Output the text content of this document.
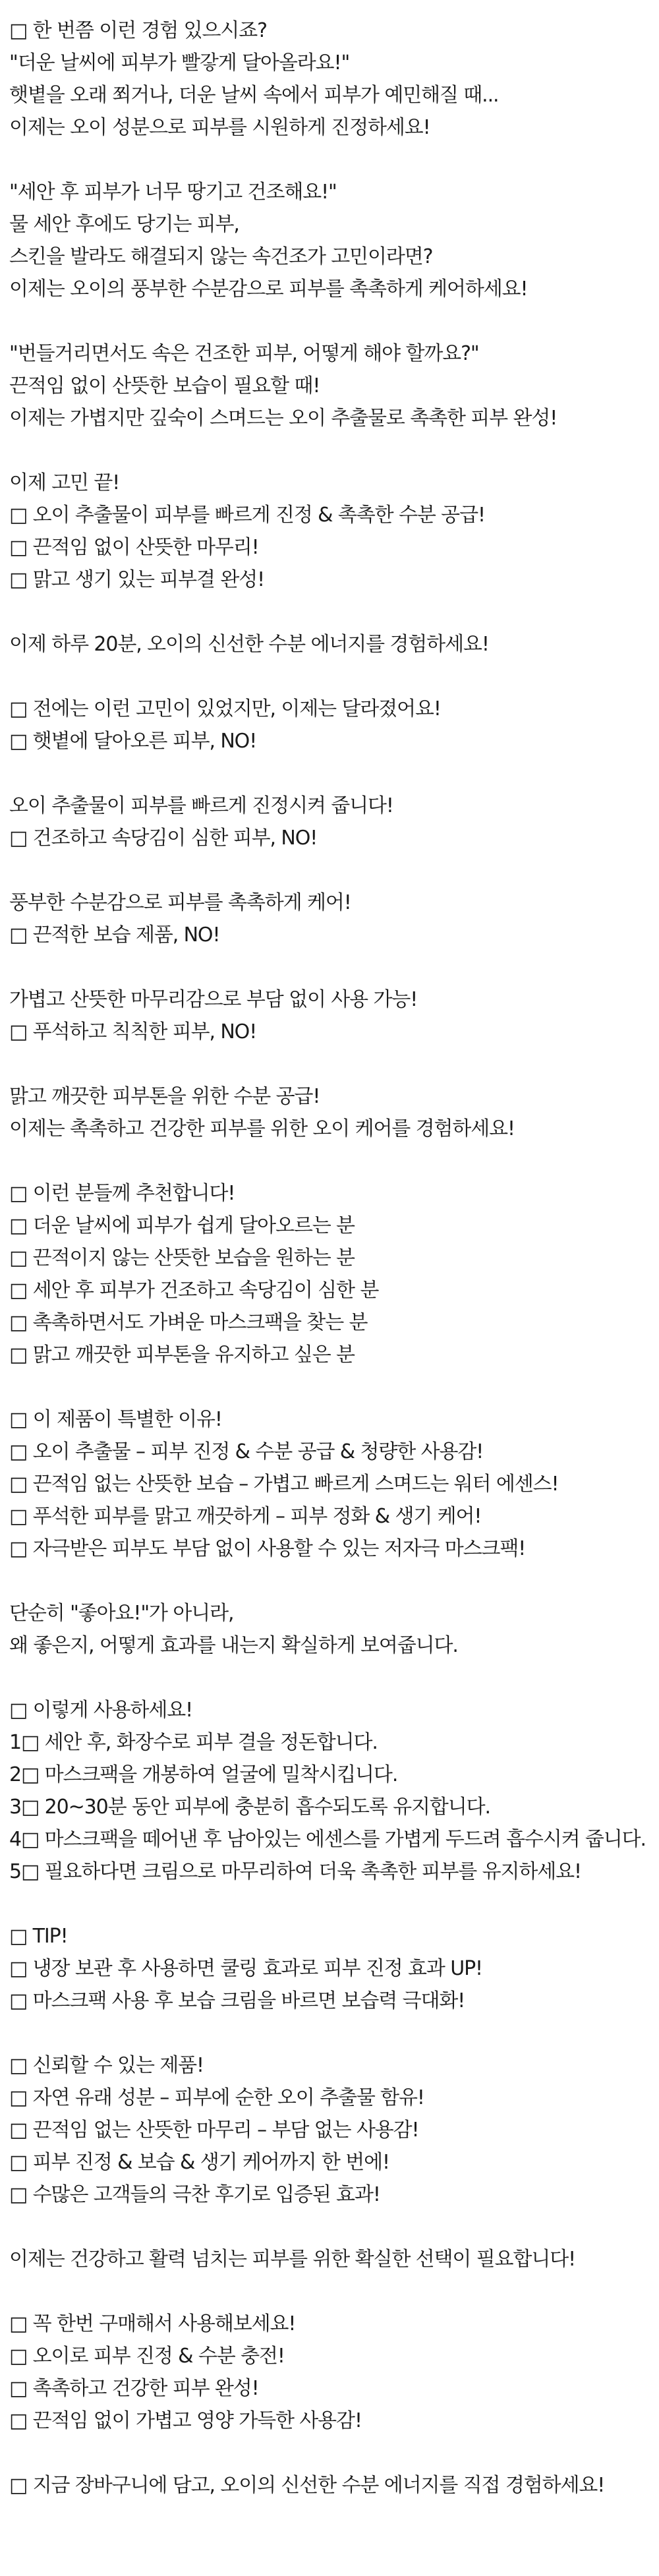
□ 한 번쯤 이런 경험 있으시죠?
"더운 날씨에 피부가 빨갛게 달아올라요!"
햇볕을 오래 쬐거나, 더운 날씨 속에서 피부가 예민해질 때...
이제는 오이 성분으로 피부를 시원하게 진정하세요!
"세안 후 피부가 너무 땅기고 건조해요!"
물 세안 후에도 당기는 피부,
스킨을 발라도 해결되지 않는 속건조가 고민이라면?
이제는 오이의 풍부한 수분감으로 피부를 촉촉하게 케어하세요!
"번들거리면서도 속은 건조한 피부, 어떻게 해야 할까요?"
끈적임 없이 산뜻한 보습이 필요할 때!
이제는 가볍지만 깊숙이 스며드는 오이 추출물로 촉촉한 피부 완성!
이제 고민 끝!
□ 오이 추출물이 피부를 빠르게 진정 & 촉촉한 수분 공급!
□ 끈적임 없이 산뜻한 마무리!
□ 맑고 생기 있는 피부결 완성!
이제 하루 20분, 오이의 신선한 수분 에너지를 경험하세요!
□ 전에는 이런 고민이 있었지만, 이제는 달라졌어요!
□ 햇볕에 달아오른 피부, NO!
오이 추출물이 피부를 빠르게 진정시켜 줍니다!
□ 건조하고 속당김이 심한 피부, NO!
풍부한 수분감으로 피부를 촉촉하게 케어!
□ 끈적한 보습 제품, NO!
가볍고 산뜻한 마무리감으로 부담 없이 사용 가능!
□ 푸석하고 칙칙한 피부, NO!
맑고 깨끗한 피부톤을 위한 수분 공급!
이제는 촉촉하고 건강한 피부를 위한 오이 케어를 경험하세요!
□ 이런 분들께 추천합니다!
□ 더운 날씨에 피부가 쉽게 달아오르는 분
□ 끈적이지 않는 산뜻한 보습을 원하는 분
□ 세안 후 피부가 건조하고 속당김이 심한 분
□ 촉촉하면서도 가벼운 마스크팩을 찾는 분
□ 맑고 깨끗한 피부톤을 유지하고 싶은 분
□ 이 제품이 특별한 이유!
□ 오이 추출물 – 피부 진정 & 수분 공급 & 청량한 사용감!
□ 끈적임 없는 산뜻한 보습 – 가볍고 빠르게 스며드는 워터 에센스!
□ 푸석한 피부를 맑고 깨끗하게 – 피부 정화 & 생기 케어!
□ 자극받은 피부도 부담 없이 사용할 수 있는 저자극 마스크팩!
단순히 "좋아요!"가 아니라,
왜 좋은지, 어떻게 효과를 내는지 확실하게 보여줍니다.
□ 이렇게 사용하세요!
1□ 세안 후, 화장수로 피부 결을 정돈합니다.
2□ 마스크팩을 개봉하여 얼굴에 밀착시킵니다.
3□ 20~30분 동안 피부에 충분히 흡수되도록 유지합니다.
4□ 마스크팩을 떼어낸 후 남아있는 에센스를 가볍게 두드려 흡수시켜 줍니다.
5□ 필요하다면 크림으로 마무리하여 더욱 촉촉한 피부를 유지하세요!
□ TIP!
□ 냉장 보관 후 사용하면 쿨링 효과로 피부 진정 효과 UP!
□ 마스크팩 사용 후 보습 크림을 바르면 보습력 극대화!
□ 신뢰할 수 있는 제품!
□ 자연 유래 성분 – 피부에 순한 오이 추출물 함유!
□ 끈적임 없는 산뜻한 마무리 – 부담 없는 사용감!
□ 피부 진정 & 보습 & 생기 케어까지 한 번에!
□ 수많은 고객들의 극찬 후기로 입증된 효과!
이제는 건강하고 활력 넘치는 피부를 위한 확실한 선택이 필요합니다!
□ 꼭 한번 구매해서 사용해보세요!
□ 오이로 피부 진정 & 수분 충전!
□ 촉촉하고 건강한 피부 완성!
□ 끈적임 없이 가볍고 영양 가득한 사용감!
□ 지금 장바구니에 담고, 오이의 신선한 수분 에너지를 직접 경험하세요!
